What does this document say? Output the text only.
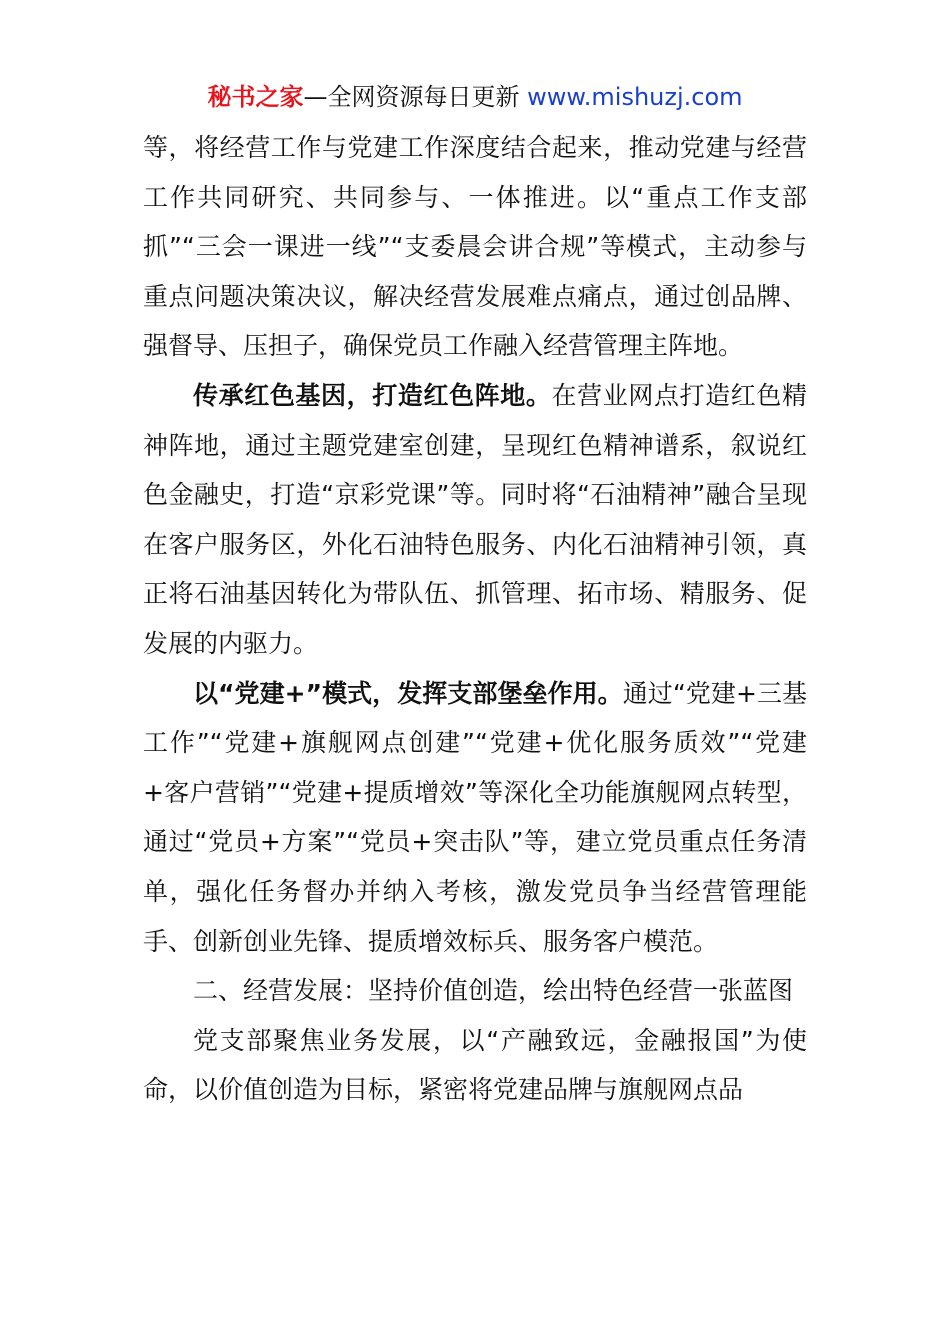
秘书之家—全网资源每日更新 www.mishuzj.com

等，将经营工作与党建工作深度结合起来，推动党建与经营工作共同研究、共同参与、一体推进。以“重点工作支部抓”“三会一课进一线”“支委晨会讲合规”等模式，主动参与重点问题决策决议，解决经营发展难点痛点，通过创品牌、强督导、压担子，确保党员工作融入经营管理主阵地。

传承红色基因，打造红色阵地。在营业网点打造红色精神阵地，通过主题党建室创建，呈现红色精神谱系，叙说红色金融史，打造“京彩党课”等。同时将“石油精神”融合呈现在客户服务区，外化石油特色服务、内化石油精神引领，真正将石油基因转化为带队伍、抓管理、拓市场、精服务、促发展的内驱力。

以“党建+”模式，发挥支部堡垒作用。通过“党建+三基工作”“党建+旗舰网点创建”“党建+优化服务质效”“党建+客户营销”“党建+提质增效”等深化全功能旗舰网点转型，通过“党员+方案”“党员+突击队”等，建立党员重点任务清单，强化任务督办并纳入考核，激发党员争当经营管理能手、创新创业先锋、提质增效标兵、服务客户模范。

二、经营发展：坚持价值创造，绘出特色经营一张蓝图

党支部聚焦业务发展，以“产融致远，金融报国”为使命，以价值创造为目标，紧密将党建品牌与旗舰网点品
